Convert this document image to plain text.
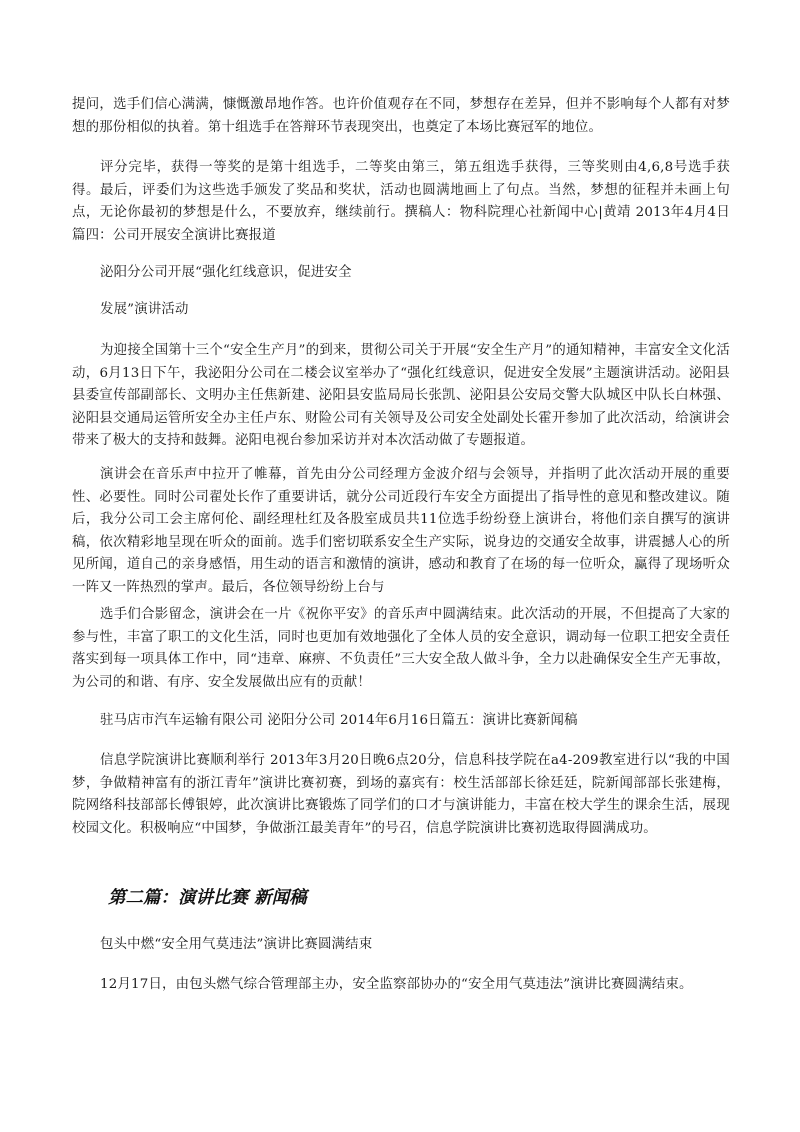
提问，选手们信心满满，慷慨激昂地作答。也许价值观存在不同，梦想存在差异，但并不影响每个人都有对梦想的那份相似的执着。第十组选手在答辩环节表现突出，也奠定了本场比赛冠军的地位。

评分完毕，获得一等奖的是第十组选手，二等奖由第三，第五组选手获得，三等奖则由4,6,8号选手获得。最后，评委们为这些选手颁发了奖品和奖状，活动也圆满地画上了句点。当然，梦想的征程并未画上句点，无论你最初的梦想是什么，不要放弃，继续前行。撰稿人：物科院理心社新闻中心|黄靖 2013年4月4日篇四：公司开展安全演讲比赛报道

泌阳分公司开展“强化红线意识，促进安全

发展”演讲活动

为迎接全国第十三个“安全生产月”的到来，贯彻公司关于开展“安全生产月”的通知精神，丰富安全文化活动，6月13日下午，我泌阳分公司在二楼会议室举办了“强化红线意识，促进安全发展”主题演讲活动。泌阳县县委宣传部副部长、文明办主任焦新建、泌阳县安监局局长张凯、泌阳县公安局交警大队城区中队长白林强、泌阳县交通局运管所安全办主任卢东、财险公司有关领导及公司安全处副处长霍开参加了此次活动，给演讲会带来了极大的支持和鼓舞。泌阳电视台参加采访并对本次活动做了专题报道。

演讲会在音乐声中拉开了帷幕，首先由分公司经理方金波介绍与会领导，并指明了此次活动开展的重要性、必要性。同时公司翟处长作了重要讲话，就分公司近段行车安全方面提出了指导性的意见和整改建议。随后，我分公司工会主席何伦、副经理杜红及各股室成员共11位选手纷纷登上演讲台，将他们亲自撰写的演讲稿，依次精彩地呈现在听众的面前。选手们密切联系安全生产实际，说身边的交通安全故事，讲震撼人心的所见所闻，道自己的亲身感悟，用生动的语言和激情的演讲，感动和教育了在场的每一位听众，赢得了现场听众一阵又一阵热烈的掌声。最后，各位领导纷纷上台与

选手们合影留念，演讲会在一片《祝你平安》的音乐声中圆满结束。此次活动的开展，不但提高了大家的参与性，丰富了职工的文化生活，同时也更加有效地强化了全体人员的安全意识，调动每一位职工把安全责任落实到每一项具体工作中，同“违章、麻痹、不负责任”三大安全敌人做斗争，全力以赴确保安全生产无事故，为公司的和谐、有序、安全发展做出应有的贡献！

驻马店市汽车运输有限公司 泌阳分公司 2014年6月16日篇五：演讲比赛新闻稿

信息学院演讲比赛顺利举行 2013年3月20日晚6点20分，信息科技学院在a4-209教室进行以“我的中国梦，争做精神富有的浙江青年”演讲比赛初赛，到场的嘉宾有：校生活部部长徐廷廷，院新闻部部长张建梅，院网络科技部部长傅银婷，此次演讲比赛锻炼了同学们的口才与演讲能力，丰富在校大学生的课余生活，展现校园文化。积极响应“中国梦，争做浙江最美青年”的号召，信息学院演讲比赛初选取得圆满成功。

第二篇：演讲比赛 新闻稿

包头中燃“安全用气莫违法”演讲比赛圆满结束

12月17日，由包头燃气综合管理部主办，安全监察部协办的“安全用气莫违法”演讲比赛圆满结束。
